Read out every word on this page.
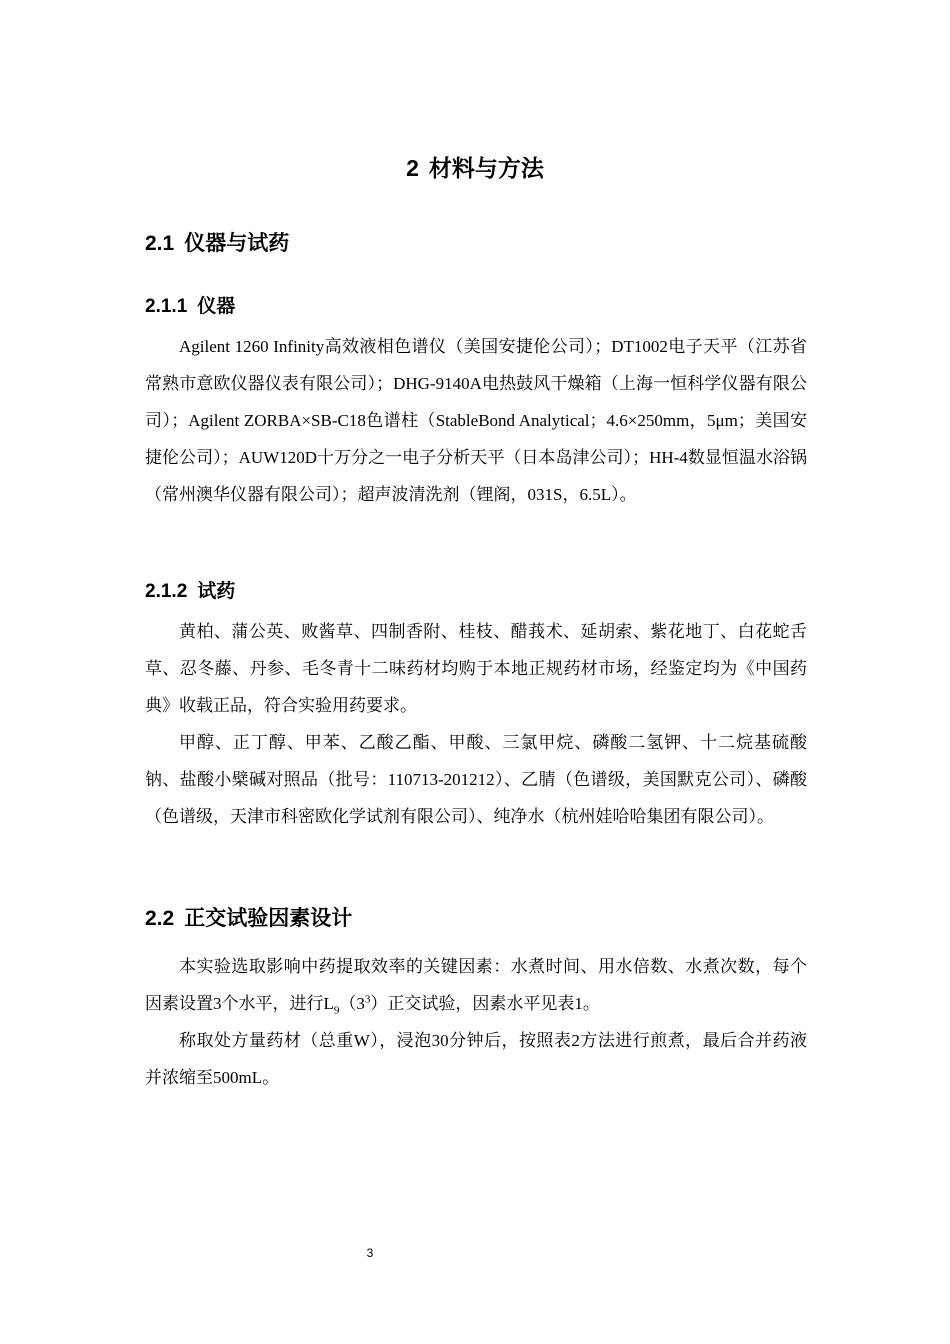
2 材料与方法
2.1 仪器与试药
2.1.1 仪器

Agilent 1260 Infinity高效液相色谱仪（美国安捷伦公司）；DT1002电子天平（江苏省常熟市意欧仪器仪表有限公司）；DHG-9140A电热鼓风干燥箱（上海一恒科学仪器有限公司）；Agilent ZORBA×SB-C18色谱柱（StableBond Analytical；4.6×250mm，5μm；美国安捷伦公司）；AUW120D十万分之一电子分析天平（日本岛津公司）；HH-4数显恒温水浴锅（常州澳华仪器有限公司）；超声波清洗剂（锂阁，031S，6.5L）。

2.1.2 试药

黄柏、蒲公英、败酱草、四制香附、桂枝、醋莪术、延胡索、紫花地丁、白花蛇舌草、忍冬藤、丹参、毛冬青十二味药材均购于本地正规药材市场，经鉴定均为《中国药典》收载正品，符合实验用药要求。

甲醇、正丁醇、甲苯、乙酸乙酯、甲酸、三氯甲烷、磷酸二氢钾、十二烷基硫酸钠、盐酸小檗碱对照品（批号：110713-201212）、乙腈（色谱级，美国默克公司）、磷酸（色谱级，天津市科密欧化学试剂有限公司）、纯净水（杭州娃哈哈集团有限公司）。

2.2 正交试验因素设计

本实验选取影响中药提取效率的关键因素：水煮时间、用水倍数、水煮次数，每个因素设置3个水平，进行$L_9(3^3)$正交试验，因素水平见表1。

称取处方量药材（总重W），浸泡30分钟后，按照表2方法进行煎煮，最后合并药液并浓缩至500mL。

3
